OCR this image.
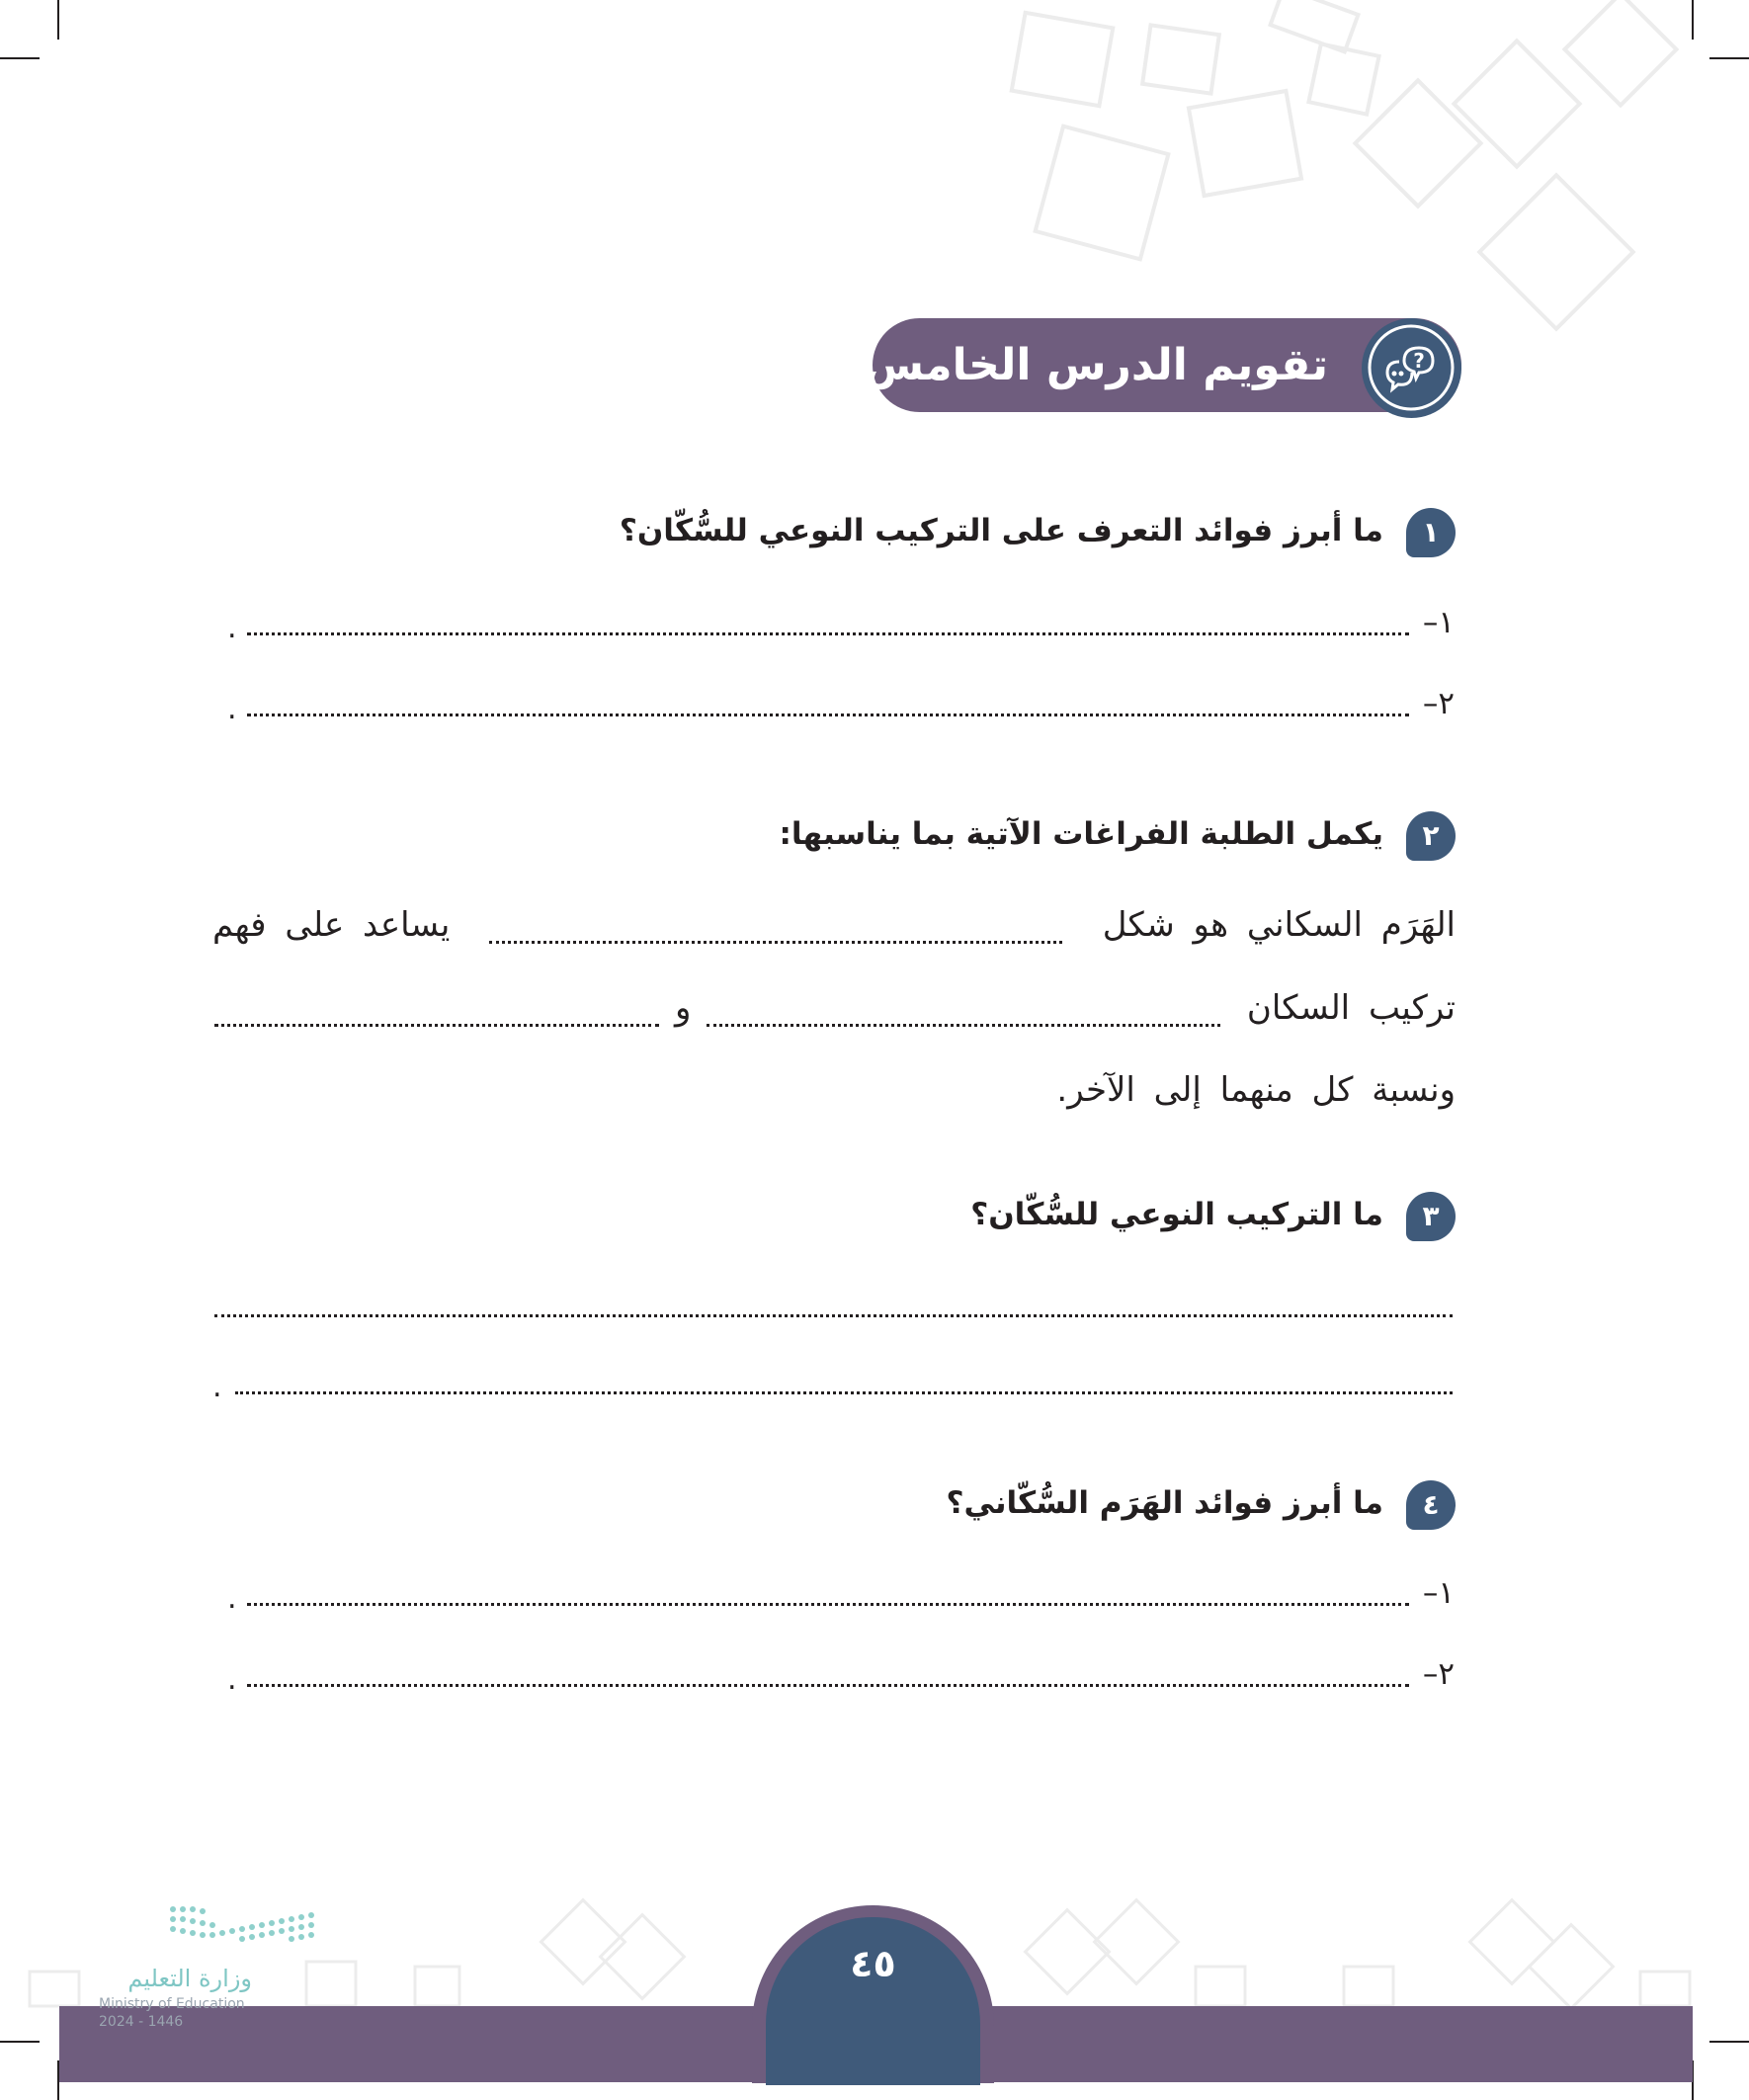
تقويم الدرس الخامس	?
١
ما أبرز فوائد التعرف على التركيب النوعي للسُّكّان؟
١–
.
٢–
.
٢
يكمل الطلبة الفراغات الآتية بما يناسبها:
الهَرَم السكاني هو شكل
يساعد على فهم
تركيب السكان
و
ونسبة كل منهما إلى الآخر.
٣
ما التركيب النوعي للسُّكّان؟
.
٤
ما أبرز فوائد الهَرَم السُّكّاني؟
١–
.
٢–
.
٤٥
وزارة التعليم
Ministry of Education
2024 - 1446
